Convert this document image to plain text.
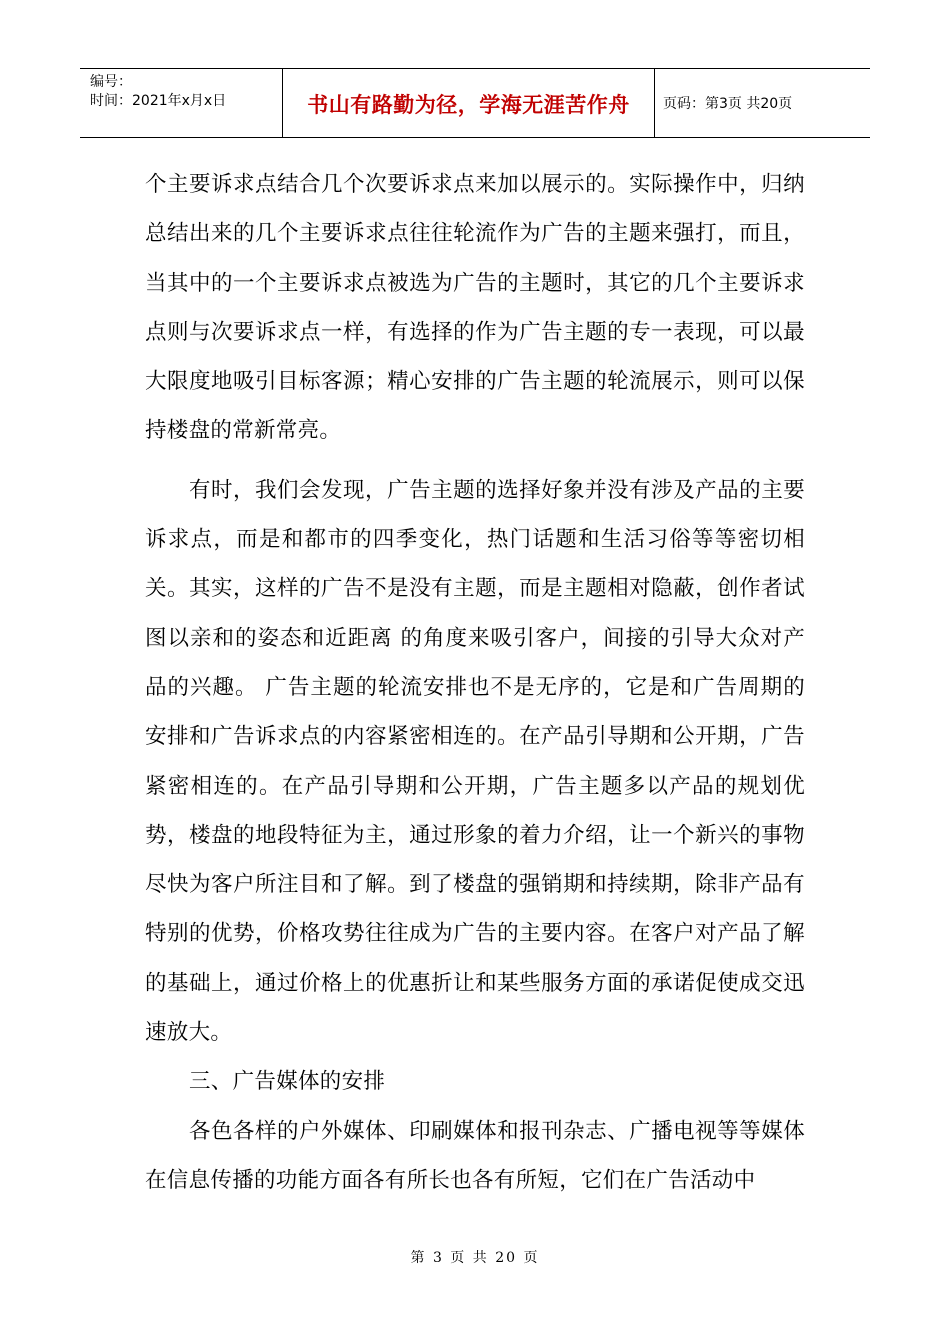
编号：
时间：2021年x月x日	书山有路勤为径，学海无涯苦作舟	页码：第3页 共20页

个主要诉求点结合几个次要诉求点来加以展示的。实际操作中，归纳总结出来的几个主要诉求点往往轮流作为广告的主题来强打，而且，当其中的一个主要诉求点被选为广告的主题时，其它的几个主要诉求点则与次要诉求点一样，有选择的作为广告主题的专一表现，可以最大限度地吸引目标客源；精心安排的广告主题的轮流展示，则可以保持楼盘的常新常亮。

有时，我们会发现，广告主题的选择好象并没有涉及产品的主要诉求点，而是和都市的四季变化，热门话题和生活习俗等等密切相关。其实，这样的广告不是没有主题，而是主题相对隐蔽，创作者试图以亲和的姿态和近距离 的角度来吸引客户，间接的引导大众对产品的兴趣。 广告主题的轮流安排也不是无序的，它是和广告周期的安排和广告诉求点的内容紧密相连的。在产品引导期和公开期，广告紧密相连的。在产品引导期和公开期，广告主题多以产品的规划优势，楼盘的地段特征为主，通过形象的着力介绍，让一个新兴的事物尽快为客户所注目和了解。到了楼盘的强销期和持续期，除非产品有特别的优势，价格攻势往往成为广告的主要内容。在客户对产品了解的基础上，通过价格上的优惠折让和某些服务方面的承诺促使成交迅速放大。

三、广告媒体的安排

各色各样的户外媒体、印刷媒体和报刊杂志、广播电视等等媒体在信息传播的功能方面各有所长也各有所短，它们在广告活动中

第 3 页 共 20 页
